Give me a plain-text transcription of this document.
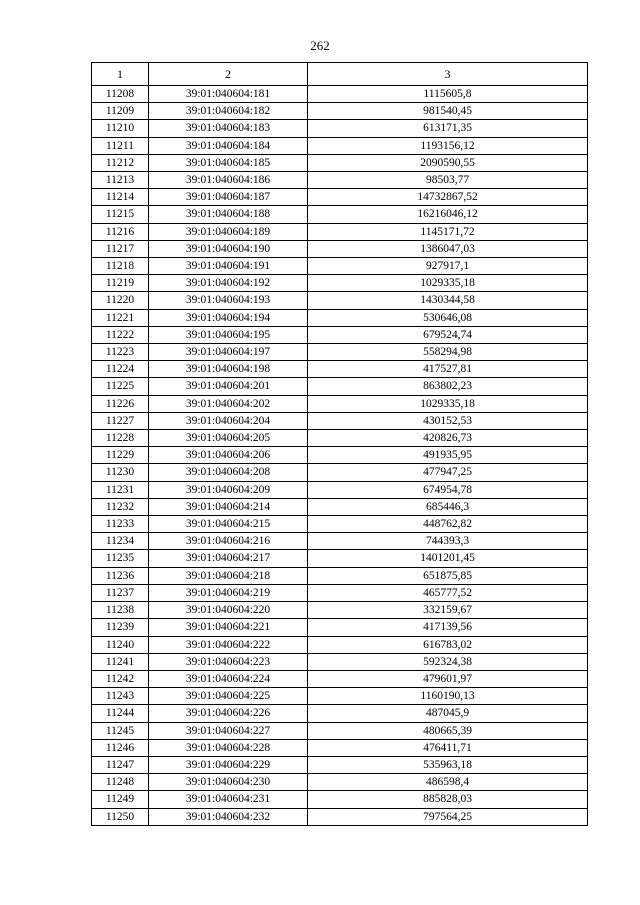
262
1	2	3
11208	39:01:040604:181	1115605,8
11209	39:01:040604:182	981540,45
11210	39:01:040604:183	613171,35
11211	39:01:040604:184	1193156,12
11212	39:01:040604:185	2090590,55
11213	39:01:040604:186	98503,77
11214	39:01:040604:187	14732867,52
11215	39:01:040604:188	16216046,12
11216	39:01:040604:189	1145171,72
11217	39:01:040604:190	1386047,03
11218	39:01:040604:191	927917,1
11219	39:01:040604:192	1029335,18
11220	39:01:040604:193	1430344,58
11221	39:01:040604:194	530646,08
11222	39:01:040604:195	679524,74
11223	39:01:040604:197	558294,98
11224	39:01:040604:198	417527,81
11225	39:01:040604:201	863802,23
11226	39:01:040604:202	1029335,18
11227	39:01:040604:204	430152,53
11228	39:01:040604:205	420826,73
11229	39:01:040604:206	491935,95
11230	39:01:040604:208	477947,25
11231	39:01:040604:209	674954,78
11232	39:01:040604:214	685446,3
11233	39:01:040604:215	448762,82
11234	39:01:040604:216	744393,3
11235	39:01:040604:217	1401201,45
11236	39:01:040604:218	651875,85
11237	39:01:040604:219	465777,52
11238	39:01:040604:220	332159,67
11239	39:01:040604:221	417139,56
11240	39:01:040604:222	616783,02
11241	39:01:040604:223	592324,38
11242	39:01:040604:224	479601,97
11243	39:01:040604:225	1160190,13
11244	39:01:040604:226	487045,9
11245	39:01:040604:227	480665,39
11246	39:01:040604:228	476411,71
11247	39:01:040604:229	535963,18
11248	39:01:040604:230	486598,4
11249	39:01:040604:231	885828,03
11250	39:01:040604:232	797564,25
